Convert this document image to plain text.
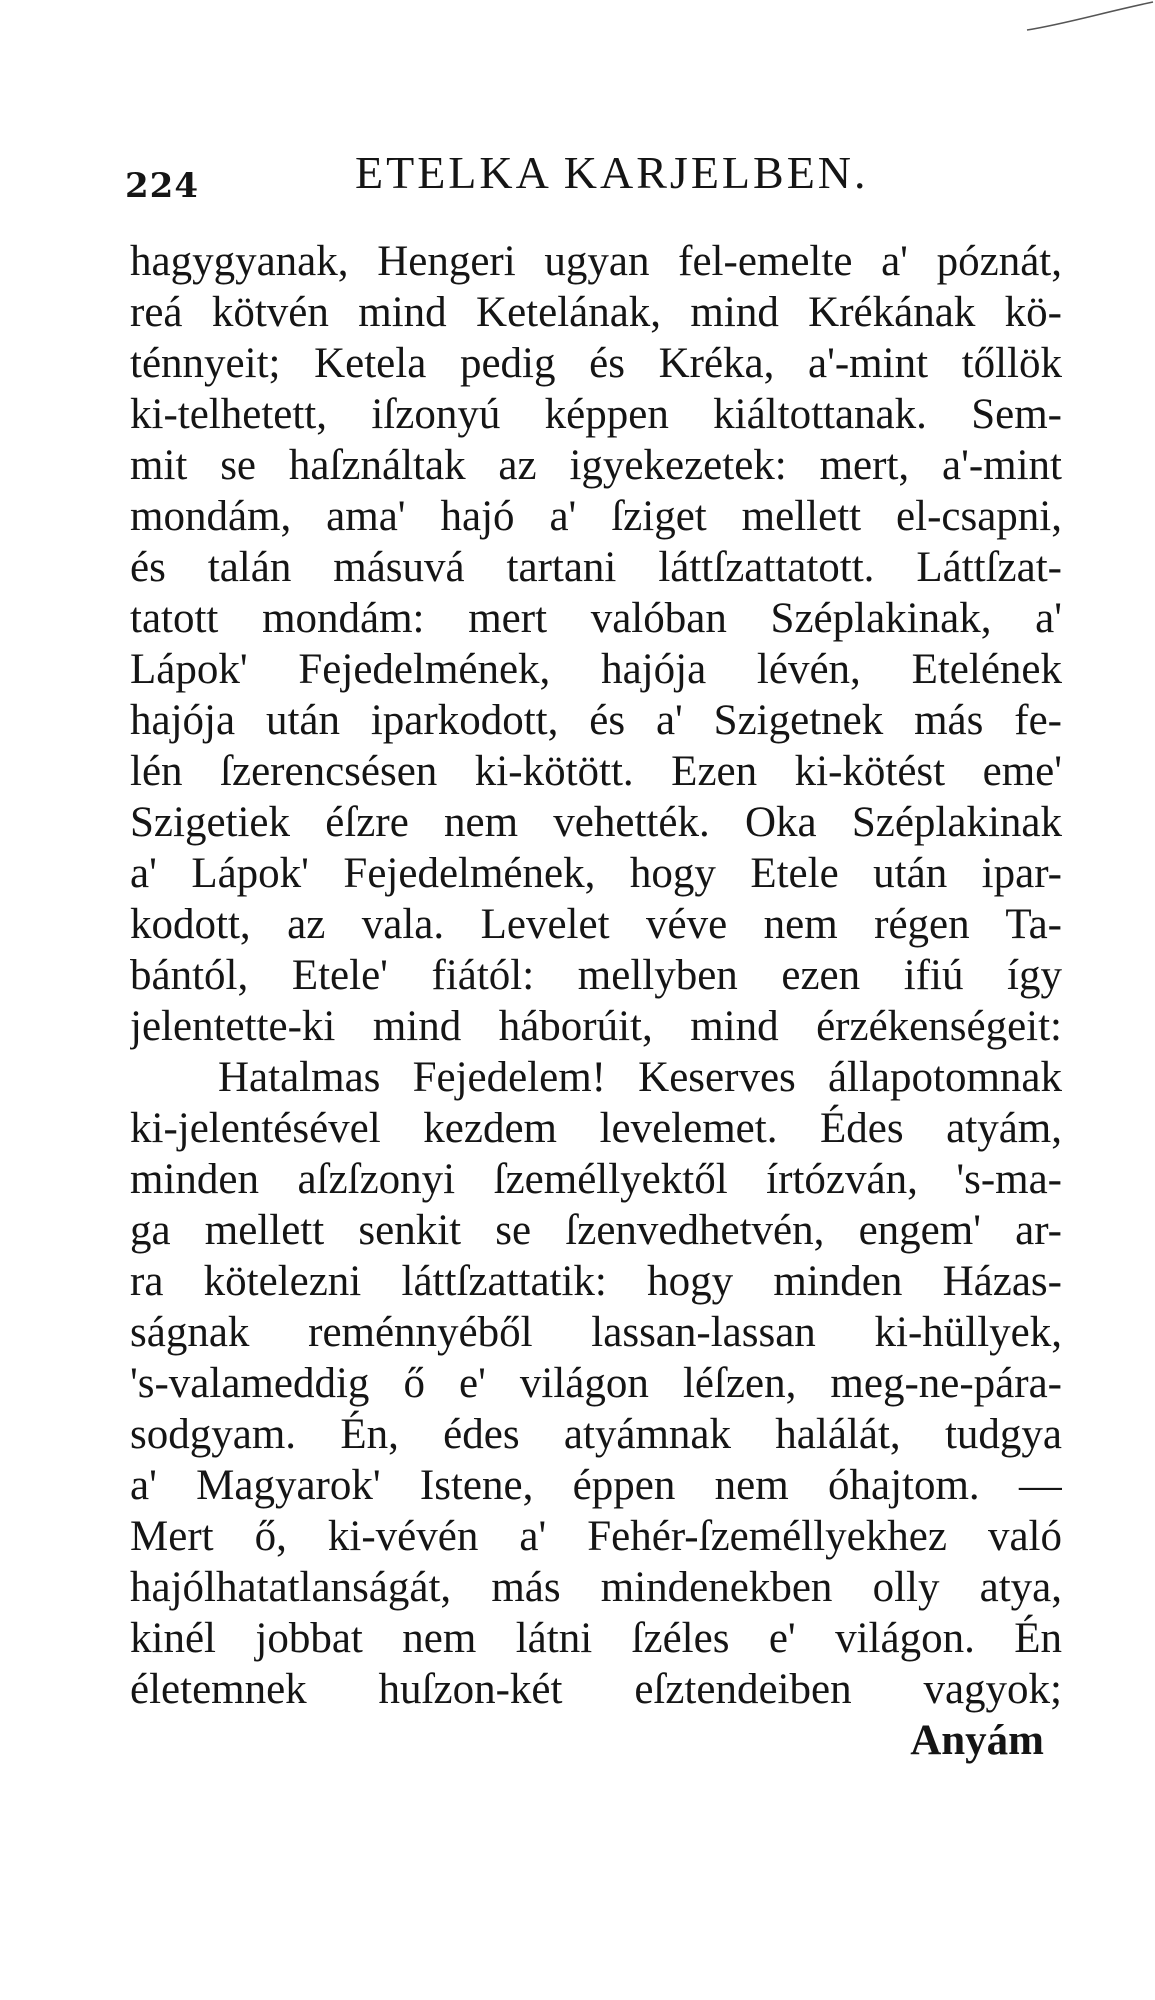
224	ETELKA KARJELBEN.
hagygyanak, Hengeri ugyan fel-emelte a' póznát,
reá kötvén mind Ketelának, mind Krékának kö-
ténnyeit; Ketela pedig és Kréka, a'-mint tőllök
ki-telhetett, iſzonyú képpen kiáltottanak. Sem-
mit se haſználtak az igyekezetek: mert, a'-mint
mondám, ama' hajó a' ſziget mellett el-csapni,
és talán másuvá tartani láttſzattatott. Láttſzat-
tatott mondám: mert valóban Széplakinak, a'
Lápok' Fejedelmének, hajója lévén, Etelének
hajója után iparkodott, és a' Szigetnek más fe-
lén ſzerencsésen ki-kötött. Ezen ki-kötést eme'
Szigetiek éſzre nem vehették. Oka Széplakinak
a' Lápok' Fejedelmének, hogy Etele után ipar-
kodott, az vala. Levelet véve nem régen Ta-
bántól, Etele' fiától: mellyben ezen ifiú így
jelentette-ki mind háborúit, mind érzékenségeit:
Hatalmas Fejedelem! Keserves állapotomnak
ki-jelentésével kezdem levelemet. Édes atyám,
minden aſzſzonyi ſzeméllyektől írtózván, 's-ma-
ga mellett senkit se ſzenvedhetvén, engem' ar-
ra kötelezni láttſzattatik: hogy minden Házas-
ságnak reménnyéből lassan-lassan ki-hüllyek,
's-valameddig ő e' világon léſzen, meg-ne-pára-
sodgyam. Én, édes atyámnak halálát, tudgya
a' Magyarok' Istene, éppen nem óhajtom. —
Mert ő, ki-vévén a' Fehér-ſzeméllyekhez való
hajólhatatlanságát, más mindenekben olly atya,
kinél jobbat nem látni ſzéles e' világon. Én
életemnek huſzon-két eſztendeiben vagyok;
Anyám
